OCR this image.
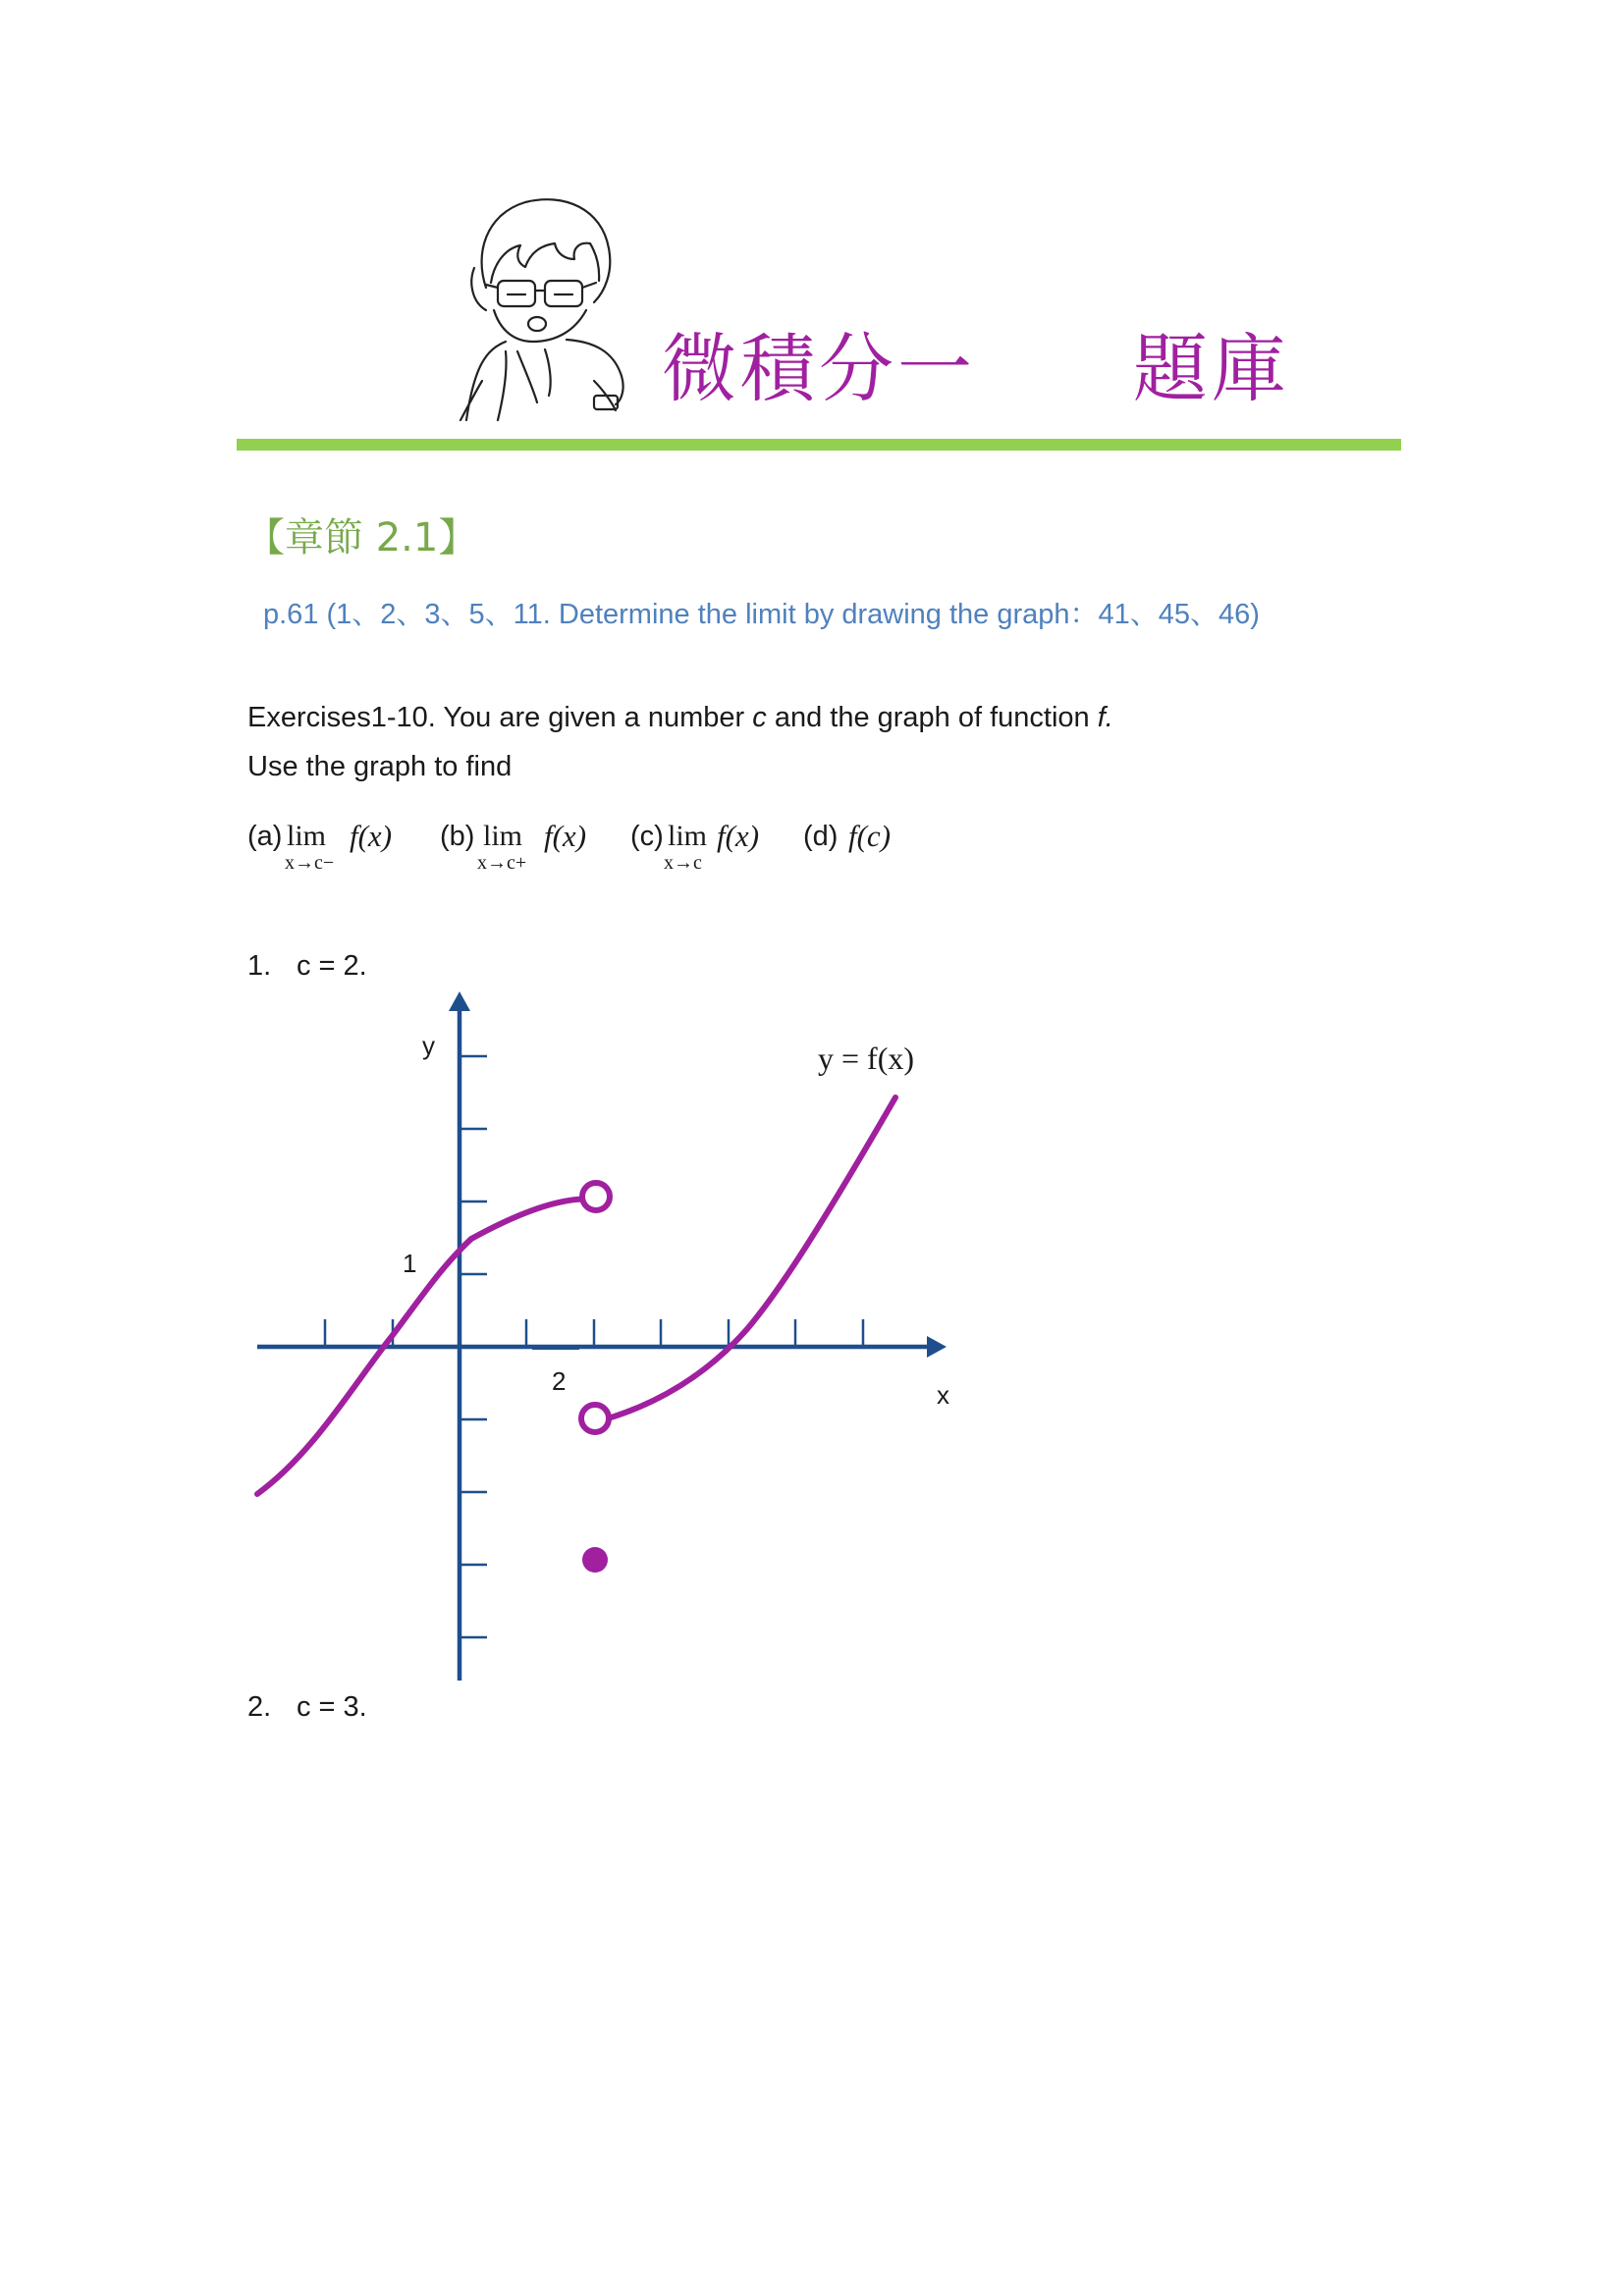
微積分一　　題庫
【章節 2.1】
p.61 (1、2、3、5、11. Determine the limit by drawing the graph：41、45、46)
Exercises1-10. You are given a number c and the graph of function f.
Use the graph to find
(a) lim
x→c−
f(x) (b) lim
x→c+
f(x) (c) lim
x→c
f(x) (d) f(c)
1. c = 2.
y
x
2
1
y = f(x)
2. c = 3.
